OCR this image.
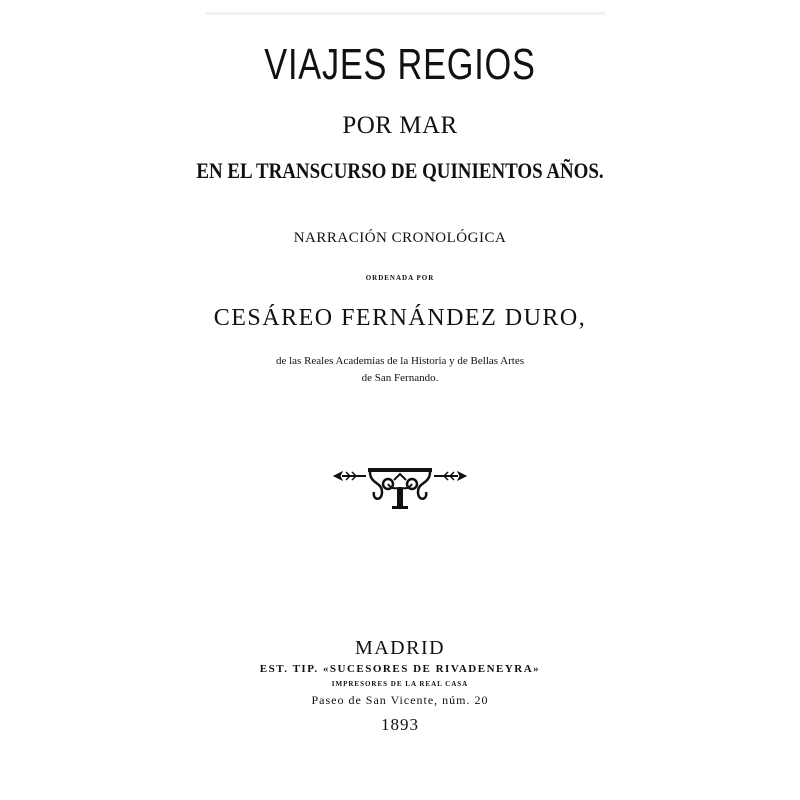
VIAJES REGIOS
POR MAR
EN EL TRANSCURSO DE QUINIENTOS AÑOS.
NARRACIÓN CRONOLÓGICA
ORDENADA POR
CESÁREO FERNÁNDEZ DURO,
de las Reales Academias de la Historia y de Bellas Artes
de San Fernando.
MADRID
EST. TIP. «SUCESORES DE RIVADENEYRA»
IMPRESORES DE LA REAL CASA
Paseo de San Vicente, núm. 20
1893
